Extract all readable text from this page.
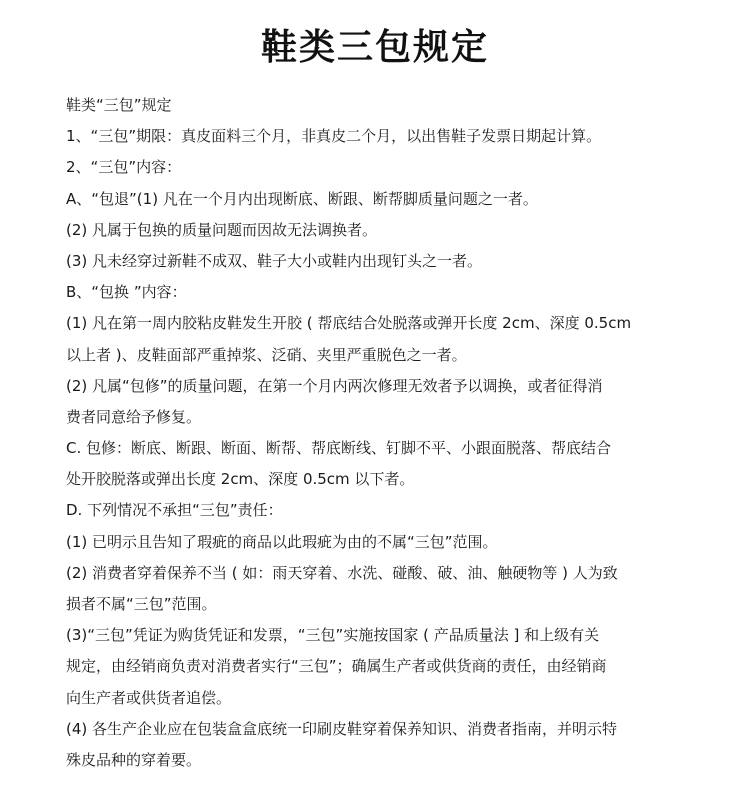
鞋类三包规定
鞋类“三包”规定
1、“三包”期限：真皮面料三个月，非真皮二个月，以出售鞋子发票日期起计算。
2、“三包”内容：
A、“包退”(1) 凡在一个月内出现断底、断跟、断帮脚质量问题之一者。
(2) 凡属于包换的质量问题而因故无法调换者。
(3) 凡未经穿过新鞋不成双、鞋子大小或鞋内出现钉头之一者。
B、“包换 ”内容：
(1) 凡在第一周内胶粘皮鞋发生开胶 ( 帮底结合处脱落或弹开长度 2cm、深度 0.5cm
以上者 )、皮鞋面部严重掉浆、泛硝、夹里严重脱色之一者。
(2) 凡属“包修”的质量问题，在第一个月内两次修理无效者予以调换，或者征得消
费者同意给予修复。
C. 包修：断底、断跟、断面、断帮、帮底断线、钉脚不平、小跟面脱落、帮底结合
处开胶脱落或弹出长度 2cm、深度 0.5cm 以下者。
D. 下列情况不承担“三包”责任：
(1) 已明示且告知了瑕疵的商品以此瑕疵为由的不属“三包”范围。
(2) 消费者穿着保养不当 ( 如：雨天穿着、水洗、碰酸、破、油、触硬物等 ) 人为致
损者不属“三包”范围。
(3)“三包”凭证为购货凭证和发票，“三包”实施按国家 ( 产品质量法 ] 和上级有关
规定，由经销商负责对消费者实行“三包”；确属生产者或供货商的责任，由经销商
向生产者或供货者追偿。
(4) 各生产企业应在包装盒盒底统一印刷皮鞋穿着保养知识、消费者指南，并明示特
殊皮品种的穿着要。
